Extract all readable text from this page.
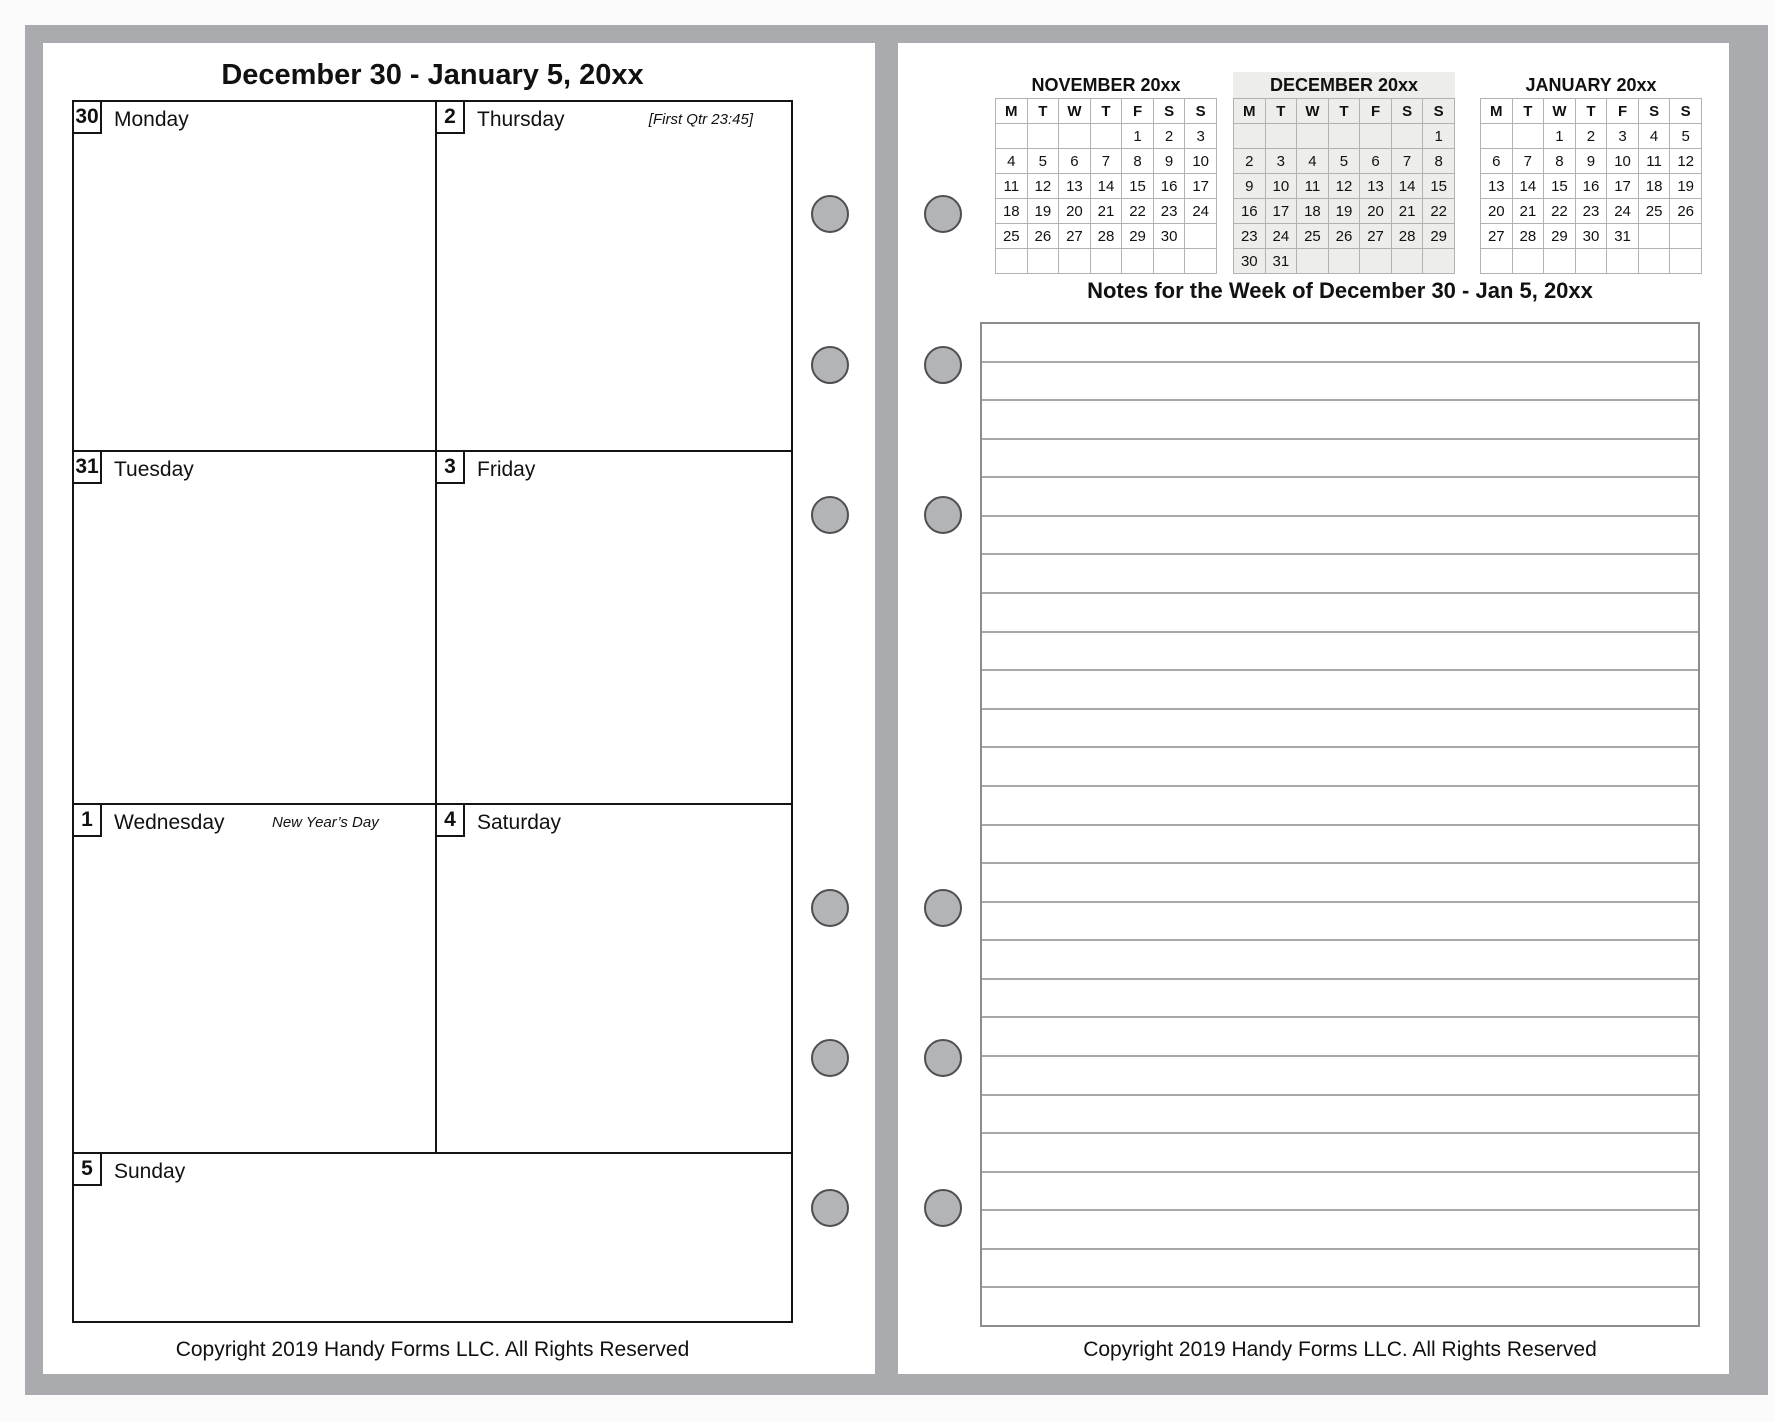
December 30 - January 5, 20xx
30 Monday	2	Thursday	[First Qtr 23:45]
31 Tuesday	3	Friday
1	Wednesday	New Year’s Day	4	Saturday
5	Sunday
Copyright 2019 Handy Forms LLC. All Rights Reserved
NOVEMBER 20xx
M	T	W	T	F	S	S
				1	2	3
4	5	6	7	8	9	10
11	12	13	14	15	16	17
18	19	20	21	22	23	24
25	26	27	28	29	30	

DECEMBER 20xx
M	T	W	T	F	S	S
						1
2	3	4	5	6	7	8
9	10	11	12	13	14	15
16	17	18	19	20	21	22
23	24	25	26	27	28	29
30	31					
JANUARY 20xx
M	T	W	T	F	S	S
		1	2	3	4	5
6	7	8	9	10	11	12
13	14	15	16	17	18	19
20	21	22	23	24	25	26
27	28	29	30	31		

Notes for the Week of December 30 - Jan 5, 20xx
Copyright 2019 Handy Forms LLC. All Rights Reserved
